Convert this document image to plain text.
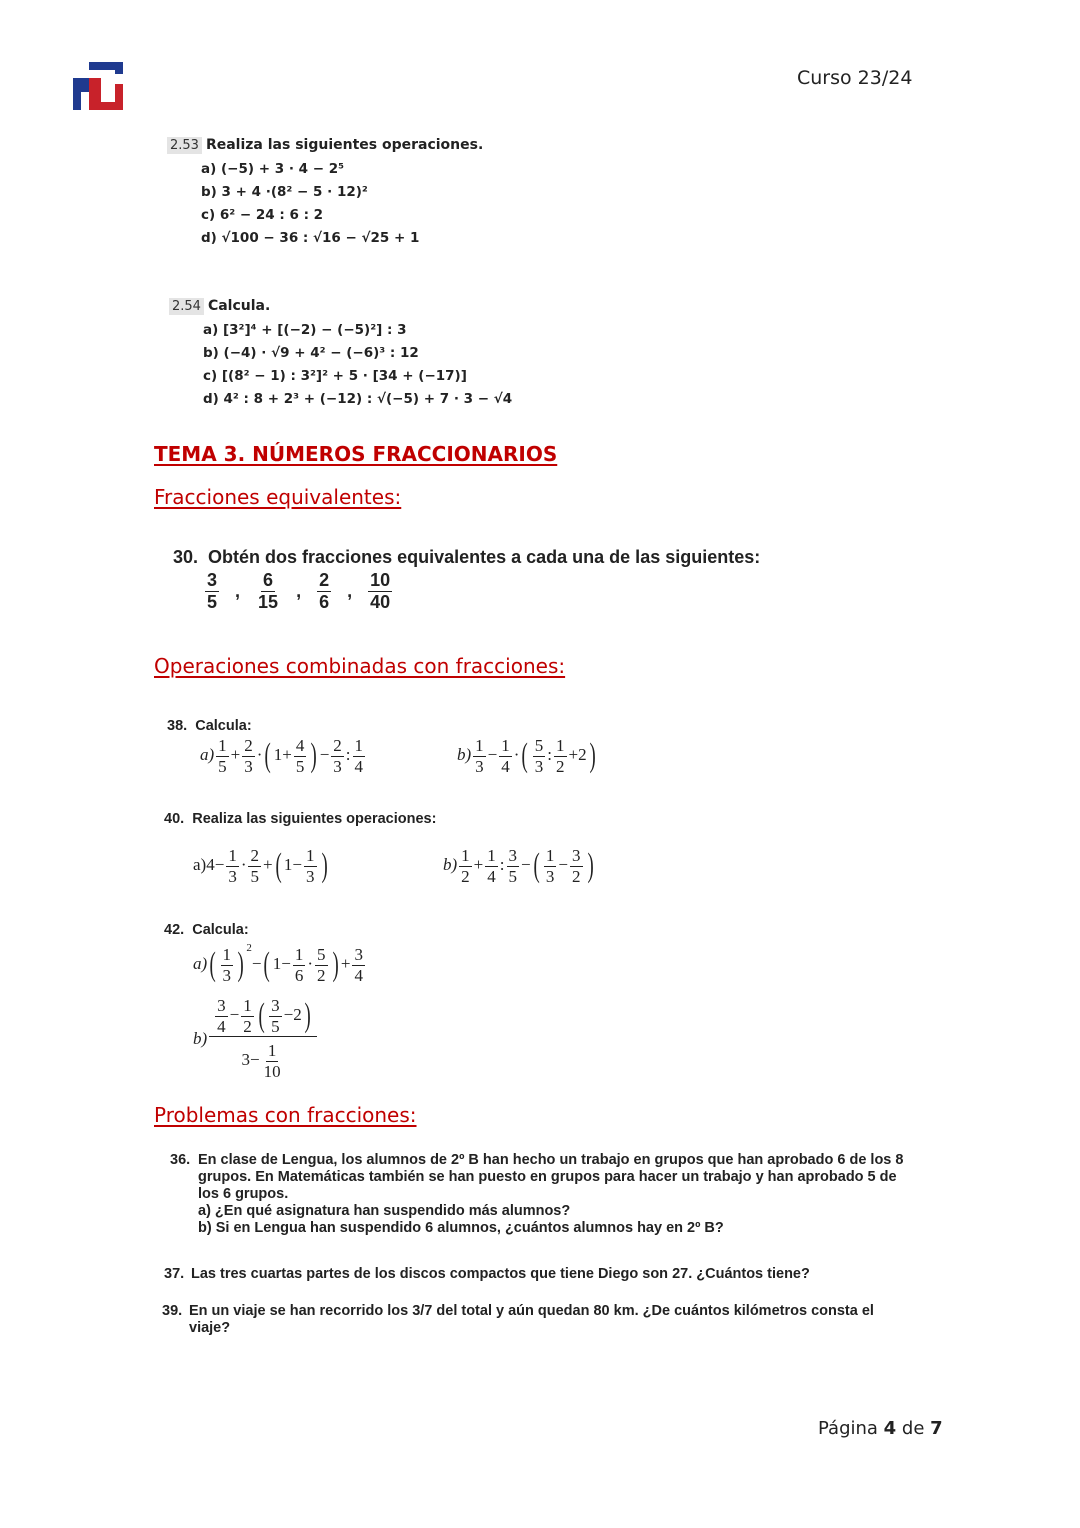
Curso 23/24
2.53 Realiza las siguientes operaciones.
a) (−5) + 3 · 4 − 2⁵
b) 3 + 4 ·(8² − 5 · 12)²
c) 6² − 24 : 6 : 2
d) √100 − 36 : √16 − √25 + 1
2.54 Calcula.
a) [3²]⁴ + [(−2) − (−5)²] : 3
b) (−4) · √9 + 4² − (−6)³ : 12
c) [(8² − 1) : 3²]² + 5 · [34 + (−17)]
d) 4² : 8 + 2³ + (−12) : √(−5) + 7 · 3 − √4
TEMA 3. NÚMEROS FRACCIONARIOS
Fracciones equivalentes:
30. Obtén dos fracciones equivalentes a cada una de las siguientes:
$\frac{3}{5}$ , $\frac{6}{15}$ , $\frac{2}{6}$ , $\frac{10}{40}$
Operaciones combinadas con fracciones:
38. Calcula:
$a) \frac{1}{5} + \frac{2}{3}$ ·( $1+ \frac{4}{5}$ ) − $\frac{2}{3}$ : $\frac{1}{4}$	$b) \frac{1}{3} - \frac{1}{4}$ ·( $\frac{5}{3}$ : $\frac{1}{2} +2$)
40. Realiza las siguientes operaciones:
$a)4- \frac{1}{3} \cdot \frac{2}{5}$ +( $1- \frac{1}{3}$ )	$b) \frac{1}{2} + \frac{1}{4}$ : $\frac{3}{5}$ −( $\frac{1}{3} - \frac{3}{2}$ )
42. Calcula:
$a)( \frac{1}{3}$ ) $^2$−( $1- \frac{1}{6} \cdot \frac{5}{2}$ ) + $\frac{3}{4}$
$b) \frac{\frac{3}{4} - \frac{1}{2} ( \frac{3}{5} -2)}{3- \frac{1}{10}}$
Problemas con fracciones:
36. En clase de Lengua, los alumnos de 2º B han hecho un trabajo en grupos que han aprobado 6 de los 8
grupos. En Matemáticas también se han puesto en grupos para hacer un trabajo y han aprobado 5 de
los 6 grupos.
a) ¿En qué asignatura han suspendido más alumnos?
b) Si en Lengua han suspendido 6 alumnos, ¿cuántos alumnos hay en 2º B?
37. Las tres cuartas partes de los discos compactos que tiene Diego son 27. ¿Cuántos tiene?
39. En un viaje se han recorrido los 3/7 del total y aún quedan 80 km. ¿De cuántos kilómetros consta el
viaje?
Página 4 de 7
